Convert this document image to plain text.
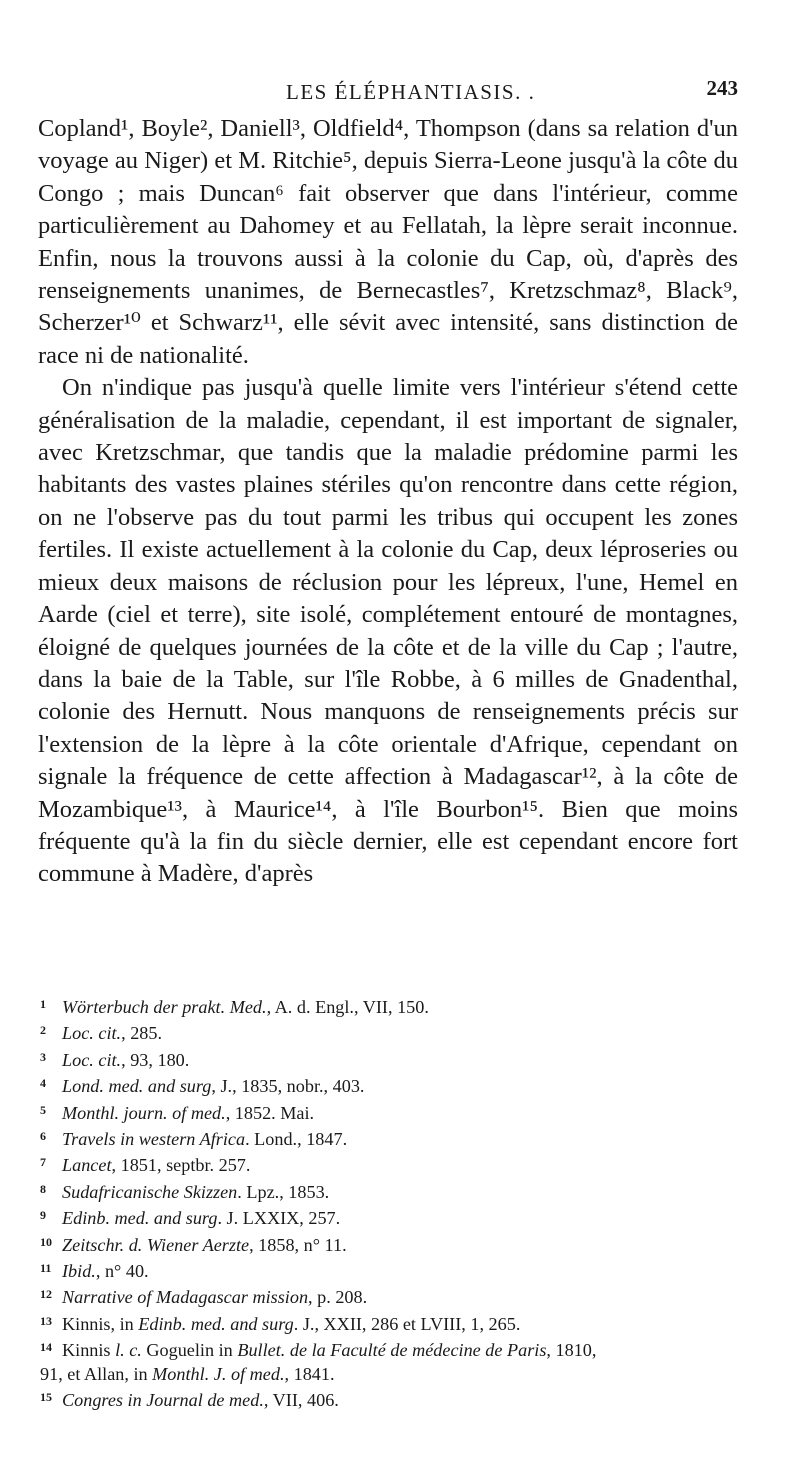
LES ÉLÉPHANTIASIS. .	243

Copland¹, Boyle², Daniell³, Oldfield⁴, Thompson (dans sa relation d'un voyage au Niger) et M. Ritchie⁵, depuis Sierra-Leone jusqu'à la côte du Congo ; mais Duncan⁶ fait observer que dans l'intérieur, comme particulièrement au Dahomey et au Fellatah, la lèpre serait inconnue. Enfin, nous la trouvons aussi à la colonie du Cap, où, d'après des renseignements unanimes, de Bernecastles⁷, Kretzschmaz⁸, Black⁹, Scherzer¹⁰ et Schwarz¹¹, elle sévit avec intensité, sans distinction de race ni de nationalité.

On n'indique pas jusqu'à quelle limite vers l'intérieur s'étend cette généralisation de la maladie, cependant, il est important de signaler, avec Kretzschmar, que tandis que la maladie prédomine parmi les habitants des vastes plaines stériles qu'on rencontre dans cette région, on ne l'observe pas du tout parmi les tribus qui occupent les zones fertiles. Il existe actuellement à la colonie du Cap, deux léproseries ou mieux deux maisons de réclusion pour les lépreux, l'une, Hemel en Aarde (ciel et terre), site isolé, complétement entouré de montagnes, éloigné de quelques journées de la côte et de la ville du Cap ; l'autre, dans la baie de la Table, sur l'île Robbe, à 6 milles de Gnadenthal, colonie des Hernutt. Nous manquons de renseignements précis sur l'extension de la lèpre à la côte orientale d'Afrique, cependant on signale la fréquence de cette affection à Madagascar¹², à la côte de Mozambique¹³, à Maurice¹⁴, à l'île Bourbon¹⁵. Bien que moins fréquente qu'à la fin du siècle dernier, elle est cependant encore fort commune à Madère, d'après

1 Wörterbuch der prakt. Med., A. d. Engl., VII, 150.
2 Loc. cit., 285.
3 Loc. cit., 93, 180.
4 Lond. med. and surg, J., 1835, nobr., 403.
5 Monthl. journ. of med., 1852. Mai.
6 Travels in western Africa. Lond., 1847.
7 Lancet, 1851, septbr. 257.
8 Sudafricanische Skizzen. Lpz., 1853.
9 Edinb. med. and surg. J. LXXIX, 257.
10 Zeitschr. d. Wiener Aerzte, 1858, n° 11.
11 Ibid., n° 40.
12 Narrative of Madagascar mission, p. 208.
13 Kinnis, in Edinb. med. and surg. J., XXII, 286 et LVIII, 1, 265.
14 Kinnis l. c. Goguelin in Bullet. de la Faculté de médecine de Paris, 1810,
91, et Allan, in Monthl. J. of med., 1841.
15 Congres in Journal de med., VII, 406.
